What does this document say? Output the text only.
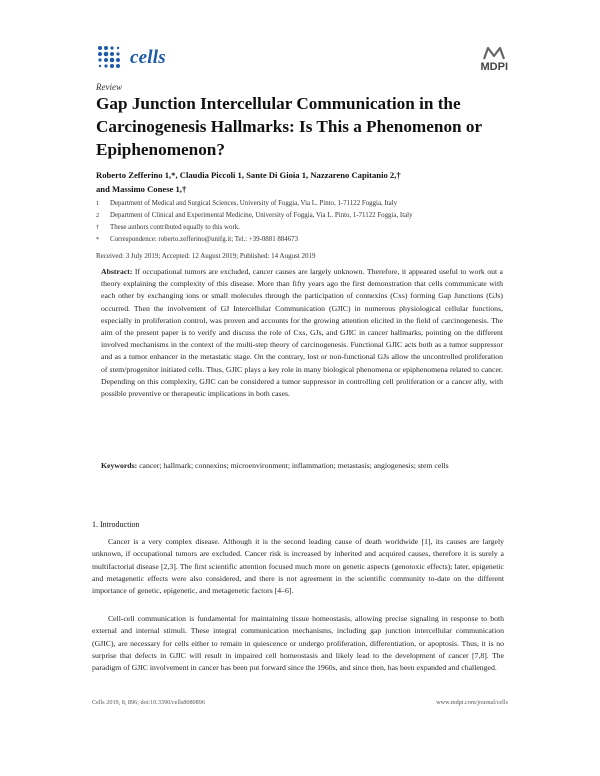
cells	MDPI
Review
Gap Junction Intercellular Communication in the Carcinogenesis Hallmarks: Is This a Phenomenon or Epiphenomenon?
Roberto Zefferino 1,*, Claudia Piccoli 1, Sante Di Gioia 1, Nazzareno Capitanio 2,†
and Massimo Conese 1,†
1	Department of Medical and Surgical Sciences, University of Foggia, Via L. Pinto, 1-71122 Foggia, Italy
2	Department of Clinical and Experimental Medicine, University of Foggia, Via L. Pinto, 1-71122 Foggia, Italy
†	These authors contributed equally to this work.
*	Correspondence: roberto.zefferino@unifg.it; Tel.: +39-0881 884673
Received: 3 July 2019; Accepted: 12 August 2019; Published: 14 August 2019
Abstract: If occupational tumors are excluded, cancer causes are largely unknown. Therefore, it appeared useful to work out a theory explaining the complexity of this disease. More than fifty years ago the first demonstration that cells communicate with each other by exchanging ions or small molecules through the participation of connexins (Cxs) forming Gap Junctions (GJs) occurred. Then the involvement of GJ Intercellular Communication (GJIC) in numerous physiological cellular functions, especially in proliferation control, was proven and accounts for the growing attention elicited in the field of carcinogenesis. The aim of the present paper is to verify and discuss the role of Cxs, GJs, and GJIC in cancer hallmarks, pointing on the different involved mechanisms in the context of the multi-step theory of carcinogenesis. Functional GJIC acts both as a tumor suppressor and as a tumor enhancer in the metastatic stage. On the contrary, lost or non-functional GJs allow the uncontrolled proliferation of stem/progenitor initiated cells. Thus, GJIC plays a key role in many biological phenomena or epiphenomena related to cancer. Depending on this complexity, GJIC can be considered a tumor suppressor in controlling cell proliferation or a cancer ally, with possible preventive or therapeutic implications in both cases.
Keywords: cancer; hallmark; connexins; microenvironment; inflammation; metastasis; angiogenesis; stem cells
1. Introduction
Cancer is a very complex disease. Although it is the second leading cause of death worldwide [1], its causes are largely unknown, if occupational tumors are excluded. Cancer risk is increased by inherited and acquired causes, therefore it is surely a multifactorial disease [2,3]. The first scientific attention focused much more on genetic aspects (genotoxic effects); later, epigenetic and metagenetic effects were also considered, and there is not agreement in the scientific community to-date on the different importance of genetic, epigenetic, and metagenetic factors [4–6].
Cell-cell communication is fundamental for maintaining tissue homeostasis, allowing precise signaling in response to both external and internal stimuli. These integral communication mechanisms, including gap junction intercellular communication (GJIC), are necessary for cells either to remain in quiescence or undergo proliferation, differentiation, or apoptosis. Thus, it is no surprise that defects in GJIC will result in impaired cell homeostasis and likely lead to the development of cancer [7,8]. The paradigm of GJIC involvement in cancer has been put forward since the 1960s, and since then, has been expanded and challenged.
Cells 2019, 8, 896; doi:10.3390/cells8080896	www.mdpi.com/journal/cells
